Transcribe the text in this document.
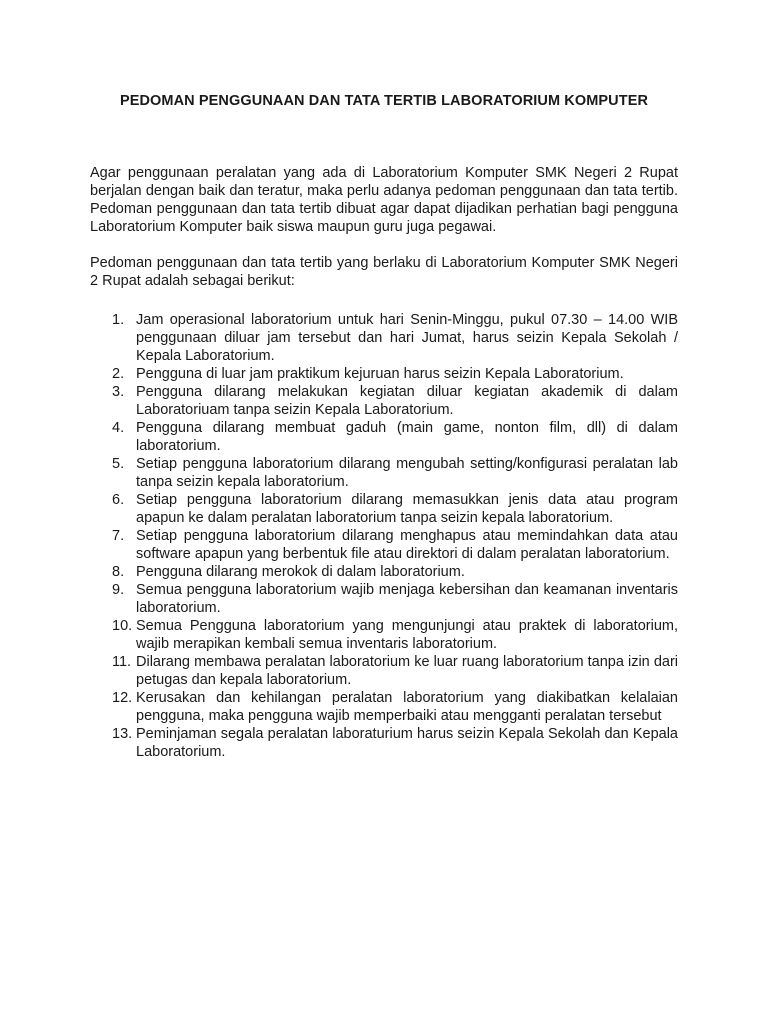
PEDOMAN PENGGUNAAN DAN TATA TERTIB LABORATORIUM KOMPUTER

Agar penggunaan peralatan yang ada di Laboratorium Komputer SMK Negeri 2 Rupat berjalan dengan baik dan teratur, maka perlu adanya pedoman penggunaan dan tata tertib. Pedoman penggunaan dan tata tertib dibuat agar dapat dijadikan perhatian bagi pengguna Laboratorium Komputer baik siswa maupun guru juga pegawai.

Pedoman penggunaan dan tata tertib yang berlaku di Laboratorium Komputer SMK Negeri 2 Rupat adalah sebagai berikut:

1. Jam operasional laboratorium untuk hari Senin-Minggu, pukul 07.30 – 14.00 WIB penggunaan diluar jam tersebut dan hari Jumat, harus seizin Kepala Sekolah / Kepala Laboratorium.
2. Pengguna di luar jam praktikum kejuruan harus seizin Kepala Laboratorium.
3. Pengguna dilarang melakukan kegiatan diluar kegiatan akademik di dalam Laboratoriuam tanpa seizin Kepala Laboratorium.
4. Pengguna dilarang membuat gaduh (main game, nonton film, dll) di dalam laboratorium.
5. Setiap pengguna laboratorium dilarang mengubah setting/konfigurasi peralatan lab tanpa seizin kepala laboratorium.
6. Setiap pengguna laboratorium dilarang memasukkan jenis data atau program apapun ke dalam peralatan laboratorium tanpa seizin kepala laboratorium.
7. Setiap pengguna laboratorium dilarang menghapus atau memindahkan data atau software apapun yang berbentuk file atau direktori di dalam peralatan laboratorium.
8. Pengguna dilarang merokok di dalam laboratorium.
9. Semua pengguna laboratorium wajib menjaga kebersihan dan keamanan inventaris laboratorium.
10. Semua Pengguna laboratorium yang mengunjungi atau praktek di laboratorium, wajib merapikan kembali semua inventaris laboratorium.
11. Dilarang membawa peralatan laboratorium ke luar ruang laboratorium tanpa izin dari petugas dan kepala laboratorium.
12. Kerusakan dan kehilangan peralatan laboratorium yang diakibatkan kelalaian pengguna, maka pengguna wajib memperbaiki atau mengganti peralatan tersebut
13. Peminjaman segala peralatan laboraturium harus seizin Kepala Sekolah dan Kepala Laboratorium.
